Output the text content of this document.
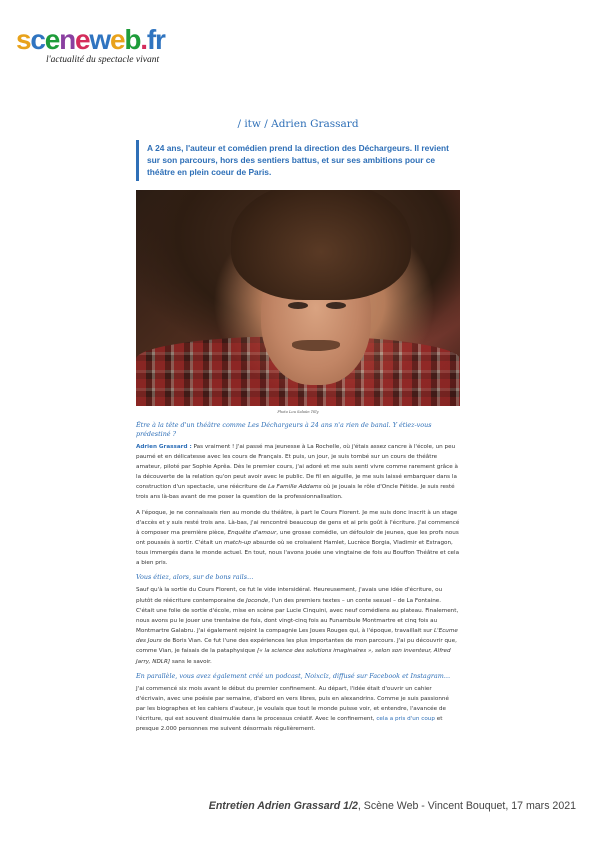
sceneweb.fr
l'actualité du spectacle vivant
/ itw / Adrien Grassard
A 24 ans, l'auteur et comédien prend la direction des Déchargeurs. Il revient sur son parcours, hors des sentiers battus, et sur ses ambitions pour ce théâtre en plein coeur de Paris.
Photo Lou Salaün Tilly
Être à la tête d'un théâtre comme Les Déchargeurs à 24 ans n'a rien de banal. Y étiez-vous prédestiné ?

Adrien Grassard : Pas vraiment ! J'ai passé ma jeunesse à La Rochelle, où j'étais assez cancre à l'école, un peu paumé et en délicatesse avec les cours de Français. Et puis, un jour, je suis tombé sur un cours de théâtre amateur, piloté par Sophie Aprêa. Dès le premier cours, j'ai adoré et me suis senti vivre comme rarement grâce à la découverte de la relation qu'on peut avoir avec le public. De fil en aiguille, je me suis laissé embarquer dans la construction d'un spectacle, une réécriture de La Famille Addams où je jouais le rôle d'Oncle Fétide. Je suis resté trois ans là-bas avant de me poser la question de la professionnalisation.

A l'époque, je ne connaissais rien au monde du théâtre, à part le Cours Florent. Je me suis donc inscrit à un stage d'accès et y suis resté trois ans. Là-bas, j'ai rencontré beaucoup de gens et ai pris goût à l'écriture. J'ai commencé à composer ma première pièce, Enquête d'amour, une grosse comédie, un défouloir de jeunes, que les profs nous ont poussés à sortir. C'était un match-up absurde où se croisaient Hamlet, Lucrèce Borgia, Vladimir et Estragon, tous immergés dans le monde actuel. En tout, nous l'avons jouée une vingtaine de fois au Bouffon Théâtre et cela a bien pris.

Vous étiez, alors, sur de bons rails…

Sauf qu'à la sortie du Cours Florent, ce fut le vide intersidéral. Heureusement, j'avais une idée d'écriture, ou plutôt de réécriture contemporaine de Joconde, l'un des premiers textes – un conte sexuel – de La Fontaine. C'était une folie de sortie d'école, mise en scène par Lucie Cinquini, avec neuf comédiens au plateau. Finalement, nous avons pu le jouer une trentaine de fois, dont vingt-cinq fois au Funambule Montmartre et cinq fois au Montmartre Galabru. J'ai également rejoint la compagnie Les Joues Rouges qui, à l'époque, travaillait sur L'Ecume des Jours de Boris Vian. Ce fut l'une des expériences les plus importantes de mon parcours. J'ai pu découvrir que, comme Vian, je faisais de la pataphysique [« la science des solutions imaginaires », selon son inventeur, Alfred Jarry, NDLR] sans le savoir.

En parallèle, vous avez également créé un podcast, Noixcïz, diffusé sur Facebook et Instagram…

J'ai commencé six mois avant le début du premier confinement. Au départ, l'idée était d'ouvrir un cahier d'écrivain, avec une poésie par semaine, d'abord en vers libres, puis en alexandrins. Comme je suis passionné par les biographes et les cahiers d'auteur, je voulais que tout le monde puisse voir, et entendre, l'avancée de l'écriture, qui est souvent dissimulée dans le processus créatif. Avec le confinement, cela a pris d'un coup et presque 2.000 personnes me suivent désormais régulièrement.

Entretien Adrien Grassard 1/2, Scène Web - Vincent Bouquet, 17 mars 2021
